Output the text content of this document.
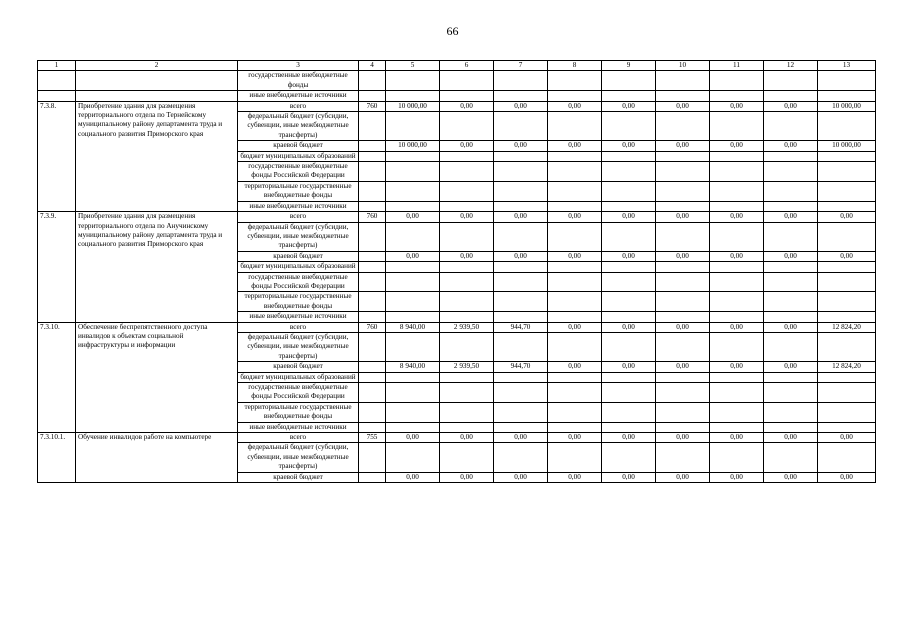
66
1	2	3	4	5	6	7	8	9	10	11	12	13
		государственные внебюджетные фонды										
		иные внебюджетные источники										
7.3.8.	Приобретение здания для размещения территориального отдела по Тернейскому муниципальному району департамента труда и социального развития Приморского края	всего	760	10 000,00	0,00	0,00	0,00	0,00	0,00	0,00	0,00	10 000,00
		федеральный бюджет (субсидии, субвенции, иные межбюджетные трансферты)										
		краевой бюджет		10 000,00	0,00	0,00	0,00	0,00	0,00	0,00	0,00	10 000,00
		бюджет муниципальных образований										
		государственные внебюджетные фонды Российской Федерации										
		территориальные государственные внебюджетные фонды										
		иные внебюджетные источники										
7.3.9.	Приобретение здания для размещения территориального отдела по Анучинскому муниципальному району департамента труда и социального развития Приморского края	всего	760	0,00	0,00	0,00	0,00	0,00	0,00	0,00	0,00	0,00
		федеральный бюджет (субсидии, субвенции, иные межбюджетные трансферты)										
		краевой бюджет		0,00	0,00	0,00	0,00	0,00	0,00	0,00	0,00	0,00
		бюджет муниципальных образований										
		государственные внебюджетные фонды Российской Федерации										
		территориальные государственные внебюджетные фонды										
		иные внебюджетные источники										
7.3.10.	Обеспечение беспрепятственного доступа инвалидов к объектам социальной инфраструктуры и информации	всего	760	8 940,00	2 939,50	944,70	0,00	0,00	0,00	0,00	0,00	12 824,20
		федеральный бюджет (субсидии, субвенции, иные межбюджетные трансферты)										
		краевой бюджет		8 940,00	2 939,50	944,70	0,00	0,00	0,00	0,00	0,00	12 824,20
		бюджет муниципальных образований										
		государственные внебюджетные фонды Российской Федерации										
		территориальные государственные внебюджетные фонды										
		иные внебюджетные источники										
7.3.10.1.	Обучение инвалидов работе на компьютере	всего	755	0,00	0,00	0,00	0,00	0,00	0,00	0,00	0,00	0,00
		федеральный бюджет (субсидии, субвенции, иные межбюджетные трансферты)										
		краевой бюджет		0,00	0,00	0,00	0,00	0,00	0,00	0,00	0,00	0,00
